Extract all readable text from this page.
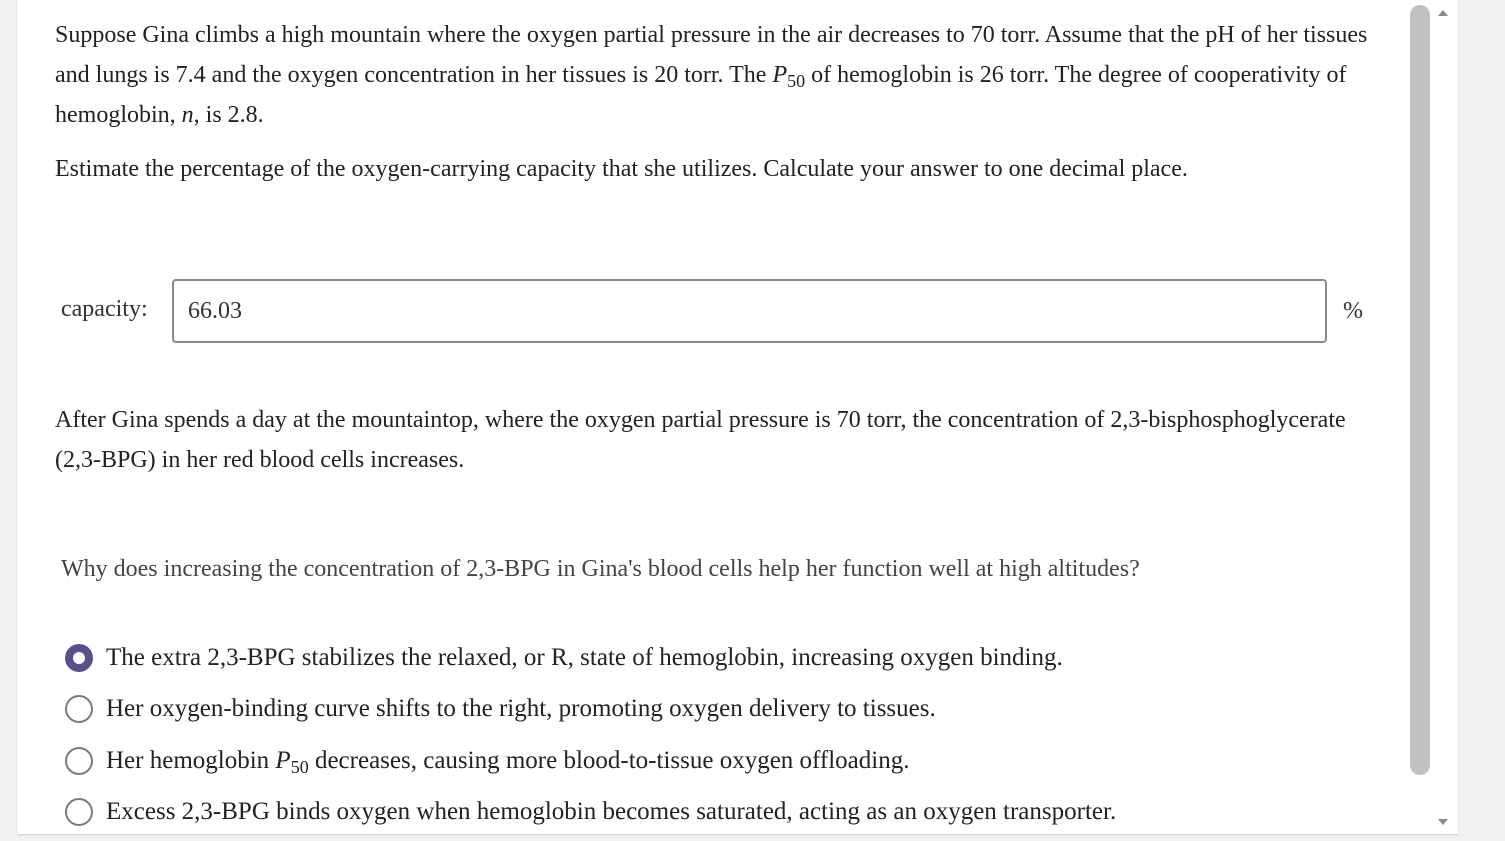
Suppose Gina climbs a high mountain where the oxygen partial pressure in the air decreases to 70 torr. Assume that the pH of her tissues and lungs is 7.4 and the oxygen concentration in her tissues is 20 torr. The $P_{50}$ of hemoglobin is 26 torr. The degree of cooperativity of hemoglobin, n, is 2.8.
Estimate the percentage of the oxygen-carrying capacity that she utilizes. Calculate your answer to one decimal place.
capacity:
66.03	%
After Gina spends a day at the mountaintop, where the oxygen partial pressure is 70 torr, the concentration of 2,3-bisphosphoglycerate (2,3-BPG) in her red blood cells increases.
Why does increasing the concentration of 2,3-BPG in Gina's blood cells help her function well at high altitudes?
The extra 2,3-BPG stabilizes the relaxed, or R, state of hemoglobin, increasing oxygen binding.
Her oxygen-binding curve shifts to the right, promoting oxygen delivery to tissues.
Her hemoglobin $P_{50}$ decreases, causing more blood-to-tissue oxygen offloading.
Excess 2,3-BPG binds oxygen when hemoglobin becomes saturated, acting as an oxygen transporter.
